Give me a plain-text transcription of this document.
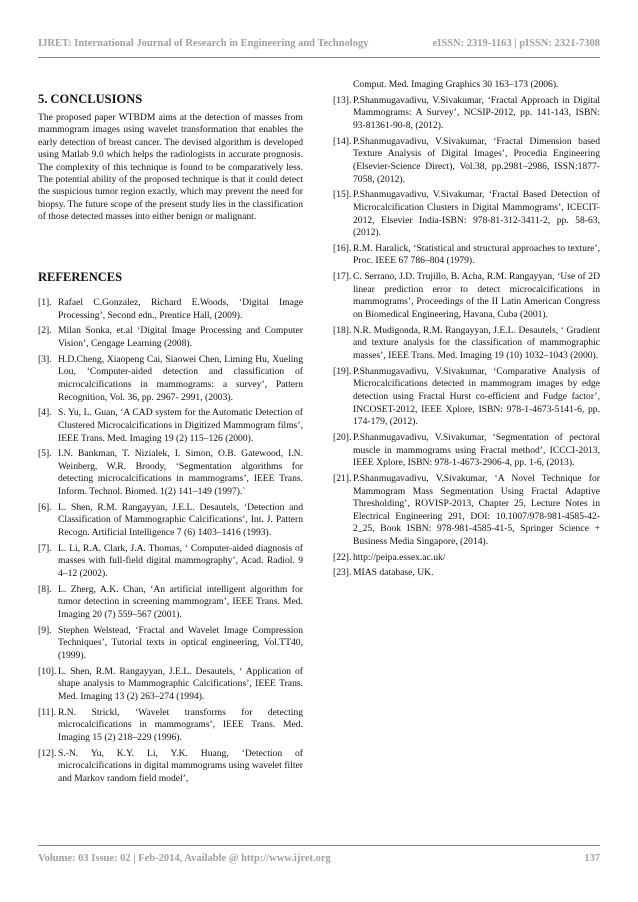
IJRET: International Journal of Research in Engineering and Technology	eISSN: 2319-1163 | pISSN: 2321-7308
5. CONCLUSIONS

The proposed paper WTBDM aims at the detection of masses from mammogram images using wavelet transformation that enables the early detection of breast cancer. The devised algorithm is developed using Matlab 9.0 which helps the radiologists in accurate prognosis. The complexity of this technique is found to be comparatively less. The potential ability of the proposed technique is that it could detect the suspicious tumor region exactly, which may prevent the need for biopsy. The future scope of the present study lies in the classification of those detected masses into either benign or malignant.

REFERENCES
[1]. Rafael C.Gonzalez, Richard E.Woods, ‘Digital Image Processing’, Second edn., Prentice Hall, (2009).
[2]. Milan Sonka, et.al ‘Digital Image Processing and Computer Vision’, Cengage Learning (2008).
[3]. H.D.Cheng, Xiaopeng Cai, Siaowei Chen, Liming Hu, Xueling Lou, ‘Computer-aided detection and classification of microcalcifications in mammograms: a survey’, Pattern Recognition, Vol. 36, pp. 2967- 2991, (2003).
[4]. S. Yu, L. Guan, ‘A CAD system for the Automatic Detection of Clustered Microcalcifications in Digitized Mammogram films’, IEEE Trans. Med. Imaging 19 (2) 115–126 (2000).
[5]. I.N. Bankman, T. Nizialek, I. Simon, O.B. Gatewood, I.N. Weinberg, W.R. Broody, ‘Segmentation algorithms for detecting microcalcifications in mammograms’, IEEE Trans. Inform. Technol. Biomed. 1(2) 141–149 (1997).`
[6]. L. Shen, R.M. Rangayyan, J.E.L. Desautels, ‘Detection and Classification of Mammographic Calcifications’, Int. J. Pattern Recogn. Artificial Intelligence 7 (6) 1403–1416 (1993).
[7]. L. Li, R.A. Clark, J.A. Thomas, ‘ Computer-aided diagnosis of masses with full-field digital mammography’, Acad. Radiol. 9 4–12 (2002).
[8]. L. Zherg, A.K. Chan, ‘An artificial intelligent algorithm for tumor detection in screening mammogram’, IEEE Trans. Med. Imaging 20 (7) 559–567 (2001).
[9]. Stephen Welstead, ‘Fractal and Wavelet Image Compression Techniques’, Tutorial texts in optical engineering, Vol.TT40, (1999).
[10]. L. Shen, R.M. Rangayyan, J.E.L. Desautels, ‘ Application of shape analysis to Mammographic Calcifications’, IEEE Trans. Med. Imaging 13 (2) 263–274 (1994).
[11]. R.N. Strickl, ‘Wavelet transforms for detecting microcalcifications in mammograms’, IEEE Trans. Med. Imaging 15 (2) 218–229 (1996).
[12]. S.-N. Yu, K.Y. Li, Y.K. Huang, ‘Detection of microcalcifications in digital mammograms using wavelet filter and Markov random field model’,
Comput. Med. Imaging Graphics 30 163–173 (2006).
[13]. P.Shanmugavadivu, V.Sivakumar, ‘Fractal Approach in Digital Mammograms: A Survey’, NCSIP-2012, pp. 141-143, ISBN: 93-81361-90-8, (2012).
[14]. P.Shanmugavadivu, V.Sivakumar, ‘Fractal Dimension based Texture Analysis of Digital Images’, Procedia Engineering (Elsevier-Science Direct), Vol.38, pp.2981–2986, ISSN:1877-7058, (2012).
[15]. P.Shanmugavadivu, V.Sivakumar, ‘Fractal Based Detection of Microcalcification Clusters in Digital Mammograms’, ICECIT-2012, Elsevier India-ISBN: 978-81-312-3411-2, pp. 58-63, (2012).
[16]. R.M. Haralick, ‘Statistical and structural approaches to texture’, Proc. IEEE 67 786–804 (1979).
[17]. C. Serrano, J.D. Trujillo, B. Acha, R.M. Rangayyan, ‘Use of 2D linear prediction error to detect microcalcifications in mammograms’, Proceedings of the II Latin American Congress on Biomedical Engineering, Havana, Cuba (2001).
[18]. N.R. Mudigonda, R.M. Rangayyan, J.E.L. Desautels, ‘ Gradient and texture analysis for the classification of mammographic masses’, IEEE Trans. Med. Imaging 19 (10) 1032–1043 (2000).
[19]. P.Shanmugavadivu, V.Sivakumar, ‘Comparative Analysis of Microcalcifications detected in mammogram images by edge detection using Fractal Hurst co-efficient and Fudge factor’, INCOSET-2012, IEEE Xplore, ISBN: 978-1-4673-5141-6, pp. 174-179, (2012).
[20]. P.Shanmugavadivu, V.Sivakumar, ‘Segmentation of pectoral muscle in mammograms using Fractal method’, ICCCI-2013, IEEE Xplore, ISBN: 978-1-4673-2906-4, pp. 1-6, (2013).
[21]. P.Shanmugavadivu, V.Sivakumar, ‘A Novel Technique for Mammogram Mass Segmentation Using Fractal Adaptive Thresholding’, ROVISP-2013, Chapter 25, Lecture Notes in Electrical Engineering 291, DOI: 10.1007/978-981-4585-42-2_25, Book ISBN: 978-981-4585-41-5, Springer Science + Business Media Singapore, (2014).
[22]. http://peipa.essex.ac.uk/
[23]. MIAS database, UK.
Volume: 03 Issue: 02 | Feb-2014, Available @ http://www.ijret.org	137
